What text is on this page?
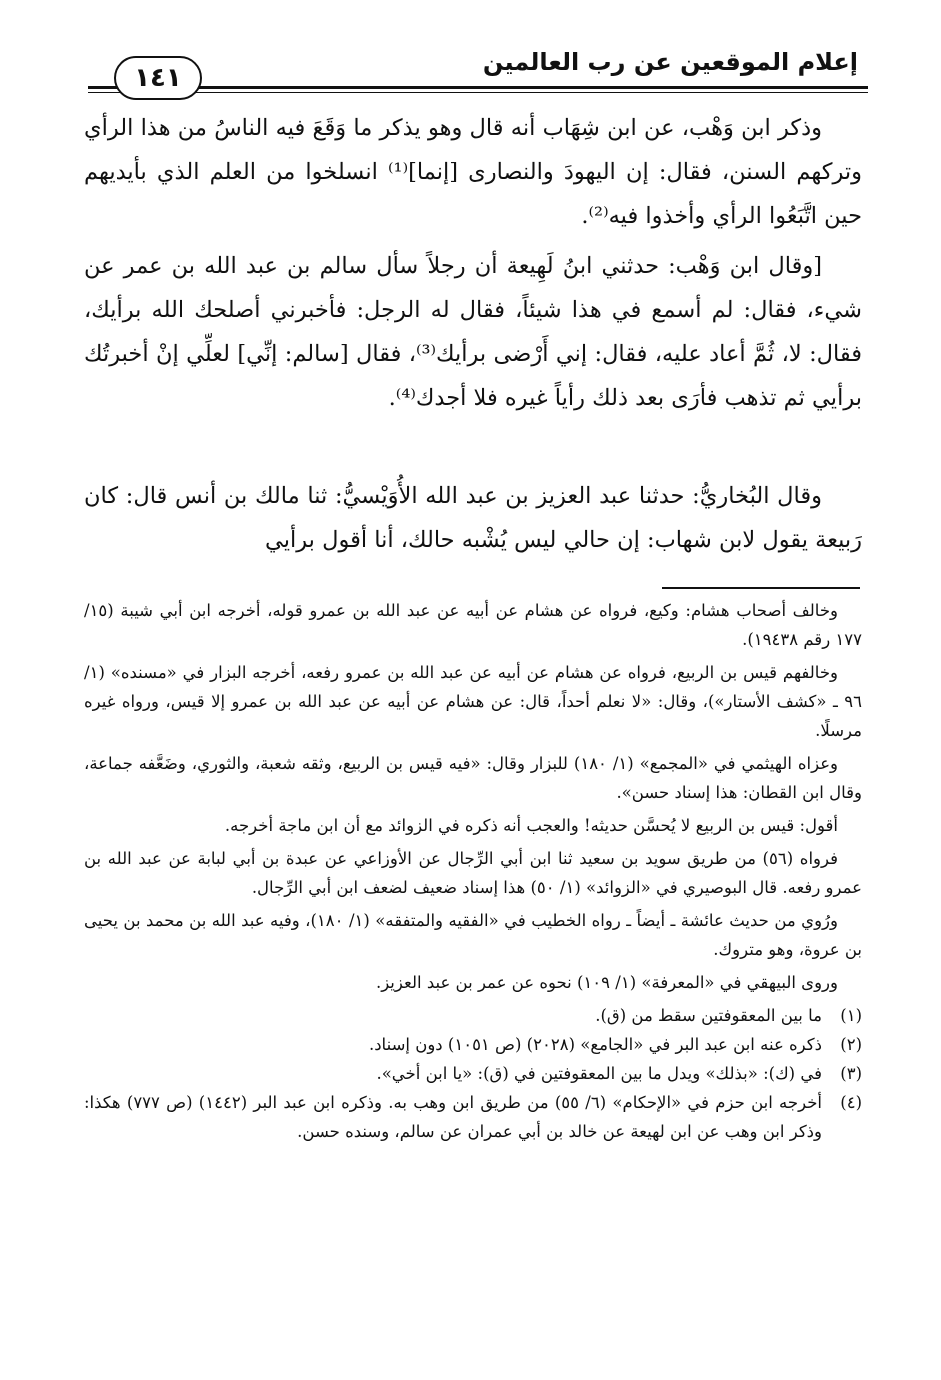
إعلام الموقعين عن رب العالمين
١٤١

وذكر ابن وَهْب، عن ابن شِهَاب أنه قال وهو يذكر ما وَقَعَ فيه الناسُ من هذا الرأي وتركهم السنن، فقال: إن اليهودَ والنصارى [إنما]⁽¹⁾ انسلخوا من العلم الذي بأيديهم حين اتَّبَعُوا الرأي وأخذوا فيه⁽²⁾.

[وقال ابن وَهْب: حدثني ابنُ لَهِيعة أن رجلاً سأل سالم بن عبد الله بن عمر عن شيء، فقال: لم أسمع في هذا شيئاً، فقال له الرجل: فأخبرني أصلحك الله برأيك، فقال: لا، ثُمَّ أعاد عليه، فقال: إني أَرْضى برأيك⁽³⁾، فقال [سالم: إنِّي] لعلِّي إنْ أخبرتُك برأيي ثم تذهب فأرَى بعد ذلك رأياً غيره فلا أجدك⁽⁴⁾.

وقال البُخاريُّ: حدثنا عبد العزيز بن عبد الله الأُوَيْسيُّ: ثنا مالك بن أنس قال: كان رَبيعة يقول لابن شهاب: إن حالي ليس يُشْبه حالك، أنا أقول برأيي

وخالف أصحاب هشام: وكيع، فرواه عن هشام عن أبيه عن عبد الله بن عمرو قوله، أخرجه ابن أبي شيبة (١٥/ ١٧٧ رقم ١٩٤٣٨).

وخالفهم قيس بن الربيع، فرواه عن هشام عن أبيه عن عبد الله بن عمرو رفعه، أخرجه البزار في «مسنده» (١/ ٩٦ ـ «كشف الأستار»)، وقال: «لا نعلم أحداً، قال: عن هشام عن أبيه عن عبد الله بن عمرو إلا قيس، ورواه غيره مرسلًا.

وعزاه الهيثمي في «المجمع» (١/ ١٨٠) للبزار وقال: «فيه قيس بن الربيع، وثقه شعبة، والثوري، وضَعَّفه جماعة، وقال ابن القطان: هذا إسناد حسن».

أقول: قيس بن الربيع لا يُحسَّن حديثه! والعجب أنه ذكره في الزوائد مع أن ابن ماجة أخرجه.

فرواه (٥٦) من طريق سويد بن سعيد ثنا ابن أبي الرِّجال عن الأوزاعي عن عبدة بن أبي لبابة عن عبد الله بن عمرو رفعه. قال البوصيري في «الزوائد» (١/ ٥٠) هذا إسناد ضعيف لضعف ابن أبي الرِّجال.

ورُوي من حديث عائشة ـ أيضاً ـ رواه الخطيب في «الفقيه والمتفقه» (١/ ١٨٠)، وفيه عبد الله بن محمد بن يحيى بن عروة، وهو متروك.

وروى البيهقي في «المعرفة» (١/ ١٠٩) نحوه عن عمر بن عبد العزيز.

(١)
ما بين المعقوفتين سقط من (ق).
(٢)
ذكره عنه ابن عبد البر في «الجامع» (٢٠٢٨) (ص ١٠٥١) دون إسناد.
(٣)
في (ك): «بذلك» ويدل ما بين المعقوفتين في (ق): «يا ابن أخي».
(٤)
أخرجه ابن حزم في «الإحكام» (٦/ ٥٥) من طريق ابن وهب به. وذكره ابن عبد البر (١٤٤٢) (ص ٧٧٧) هكذا: وذكر ابن وهب عن ابن لهيعة عن خالد بن أبي عمران عن سالم، وسنده حسن.
